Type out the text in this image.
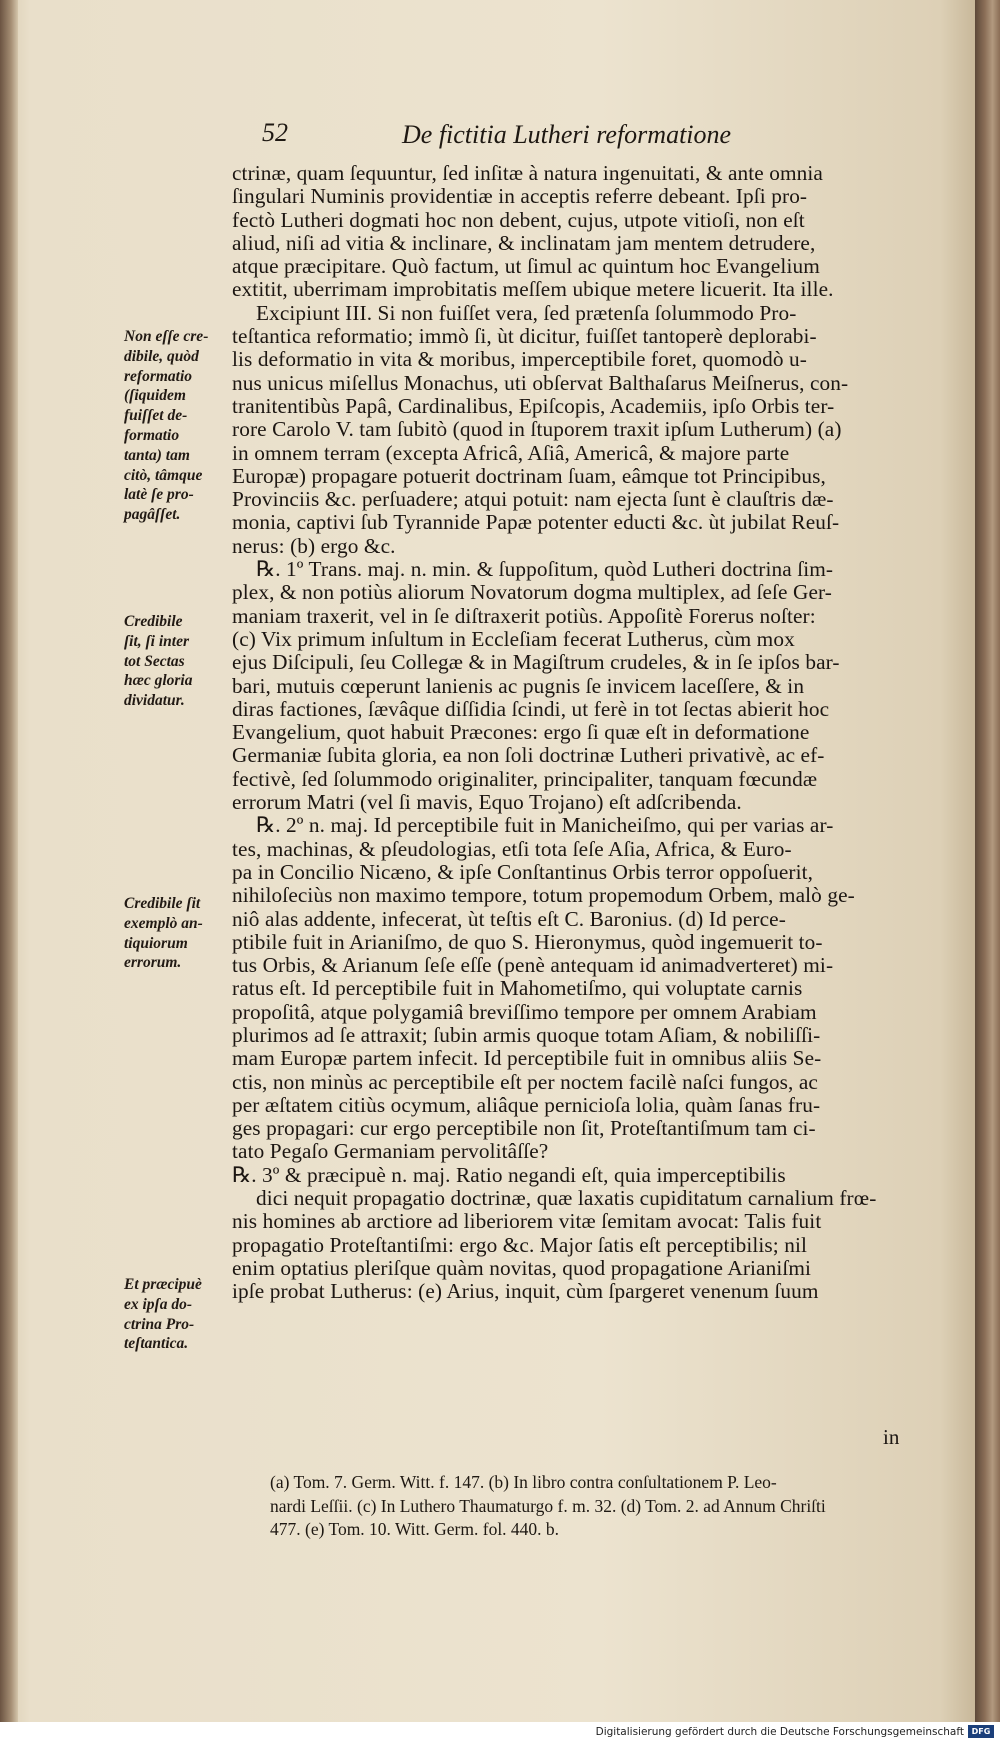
52	De fictitia Lutheri reformatione
ctrinæ, quam ſequuntur, ſed inſitæ à natura ingenuitati, & ante omnia
ſingulari Numinis providentiæ in acceptis referre debeant. Ipſi pro-
fectò Lutheri dogmati hoc non debent, cujus, utpote vitioſi, non eſt
aliud, niſi ad vitia & inclinare, & inclinatam jam mentem detrudere,
atque præcipitare. Quò factum, ut ſimul ac quintum hoc Evangelium
extitit, uberrimam improbitatis meſſem ubique metere licuerit. Ita ille.
Excipiunt III. Si non fuiſſet vera, ſed prætenſa ſolummodo Pro-
teſtantica reformatio; immò ſi, ùt dicitur, fuiſſet tantoperè deplorabi-
lis deformatio in vita & moribus, imperceptibile foret, quomodò u-
nus unicus miſellus Monachus, uti obſervat Balthaſarus Meiſnerus, con-
tranitentibùs Papâ, Cardinalibus, Epiſcopis, Academiis, ipſo Orbis ter-
rore Carolo V. tam ſubitò (quod in ſtuporem traxit ipſum Lutherum) (a)
in omnem terram (excepta Africâ, Aſiâ, Americâ, & majore parte
Europæ) propagare potuerit doctrinam ſuam, eâmque tot Principibus,
Provinciis &c. perſuadere; atqui potuit: nam ejecta ſunt è clauſtris dæ-
monia, captivi ſub Tyrannide Papæ potenter educti &c. ùt jubilat Reuſ-
nerus: (b) ergo &c.
℞. 1º Trans. maj. n. min. & ſuppoſitum, quòd Lutheri doctrina ſim-
plex, & non potiùs aliorum Novatorum dogma multiplex, ad ſeſe Ger-
maniam traxerit, vel in ſe diſtraxerit potiùs. Appoſitè Forerus noſter:
(c) Vix primum inſultum in Eccleſiam fecerat Lutherus, cùm mox
ejus Diſcipuli, ſeu Collegæ & in Magiſtrum crudeles, & in ſe ipſos bar-
bari, mutuis cœperunt lanienis ac pugnis ſe invicem laceſſere, & in
diras factiones, ſævâque diſſidia ſcindi, ut ferè in tot ſectas abierit hoc
Evangelium, quot habuit Præcones: ergo ſi quæ eſt in deformatione
Germaniæ ſubita gloria, ea non ſoli doctrinæ Lutheri privativè, ac ef-
fectivè, ſed ſolummodo originaliter, principaliter, tanquam fœcundæ
errorum Matri (vel ſi mavis, Equo Trojano) eſt adſcribenda.
℞. 2º n. maj. Id perceptibile fuit in Manicheiſmo, qui per varias ar-
tes, machinas, & pſeudologias, etſi tota ſeſe Aſia, Africa, & Euro-
pa in Concilio Nicæno, & ipſe Conſtantinus Orbis terror oppoſuerit,
nihiloſeciùs non maximo tempore, totum propemodum Orbem, malò ge-
niô alas addente, infecerat, ùt teſtis eſt C. Baronius. (d) Id perce-
ptibile fuit in Arianiſmo, de quo S. Hieronymus, quòd ingemuerit to-
tus Orbis, & Arianum ſeſe eſſe (penè antequam id animadverteret) mi-
ratus eſt. Id perceptibile fuit in Mahometiſmo, qui voluptate carnis
propoſitâ, atque polygamiâ breviſſimo tempore per omnem Arabiam
plurimos ad ſe attraxit; ſubin armis quoque totam Aſiam, & nobiliſſi-
mam Europæ partem infecit. Id perceptibile fuit in omnibus aliis Se-
ctis, non minùs ac perceptibile eſt per noctem facilè naſci fungos, ac
per æſtatem citiùs ocymum, aliâque pernicioſa lolia, quàm ſanas fru-
ges propagari: cur ergo perceptibile non ſit, Proteſtantiſmum tam ci-
tato Pegaſo Germaniam pervolitâſſe?
℞. 3º & præcipuè n. maj. Ratio negandi eſt, quia imperceptibilis
dici nequit propagatio doctrinæ, quæ laxatis cupiditatum carnalium frœ-
nis homines ab arctiore ad liberiorem vitæ ſemitam avocat: Talis fuit
propagatio Proteſtantiſmi: ergo &c. Major ſatis eſt perceptibilis; nil
enim optatius pleriſque quàm novitas, quod propagatione Arianiſmi
ipſe probat Lutherus: (e) Arius, inquit, cùm ſpargeret venenum ſuum
in
Non eſſe cre-
dibile, quòd
reformatio
(ſiquidem
fuiſſet de-
formatio
tanta) tam
citò, tâmque
latè ſe pro-
pagâſſet.
Credibile
ſit, ſi inter
tot Sectas
hæc gloria
dividatur.
Credibile ſit
exemplò an-
tiquiorum
errorum.
Et præcipuè
ex ipſa do-
ctrina Pro-
teſtantica.
(a) Tom. 7. Germ. Witt. f. 147. (b) In libro contra conſultationem P. Leo-
nardi Leſſii. (c) In Luthero Thaumaturgo f. m. 32. (d) Tom. 2. ad Annum Chriſti
477. (e) Tom. 10. Witt. Germ. fol. 440. b.
Digitalisierung gefördert durch die Deutsche Forschungsgemeinschaft DFG
